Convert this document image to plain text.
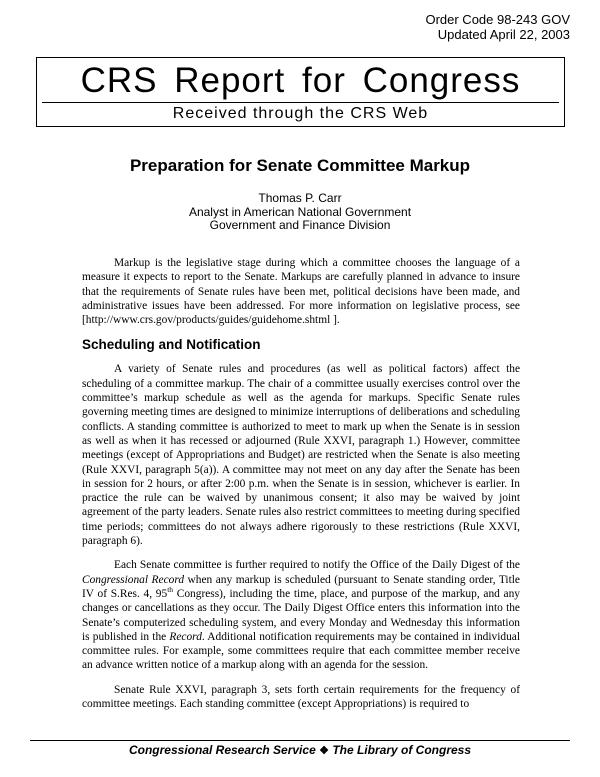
Order Code 98-243 GOV
Updated April 22, 2003
CRS Report for Congress
Received through the CRS Web
Preparation for Senate Committee Markup
Thomas P. Carr
Analyst in American National Government
Government and Finance Division

Markup is the legislative stage during which a committee chooses the language of a measure it expects to report to the Senate. Markups are carefully planned in advance to insure that the requirements of Senate rules have been met, political decisions have been made, and administrative issues have been addressed. For more information on legislative process, see [http://www.crs.gov/products/guides/guidehome.shtml ].

Scheduling and Notification

A variety of Senate rules and procedures (as well as political factors) affect the scheduling of a committee markup. The chair of a committee usually exercises control over the committee’s markup schedule as well as the agenda for markups. Specific Senate rules governing meeting times are designed to minimize interruptions of deliberations and scheduling conflicts. A standing committee is authorized to meet to mark up when the Senate is in session as well as when it has recessed or adjourned (Rule XXVI, paragraph 1.) However, committee meetings (except of Appropriations and Budget) are restricted when the Senate is also meeting (Rule XXVI, paragraph 5(a)). A committee may not meet on any day after the Senate has been in session for 2 hours, or after 2:00 p.m. when the Senate is in session, whichever is earlier. In practice the rule can be waived by unanimous consent; it also may be waived by joint agreement of the party leaders. Senate rules also restrict committees to meeting during specified time periods; committees do not always adhere rigorously to these restrictions (Rule XXVI, paragraph 6).

Each Senate committee is further required to notify the Office of the Daily Digest of the Congressional Record when any markup is scheduled (pursuant to Senate standing order, Title IV of S.Res. 4, 95th Congress), including the time, place, and purpose of the markup, and any changes or cancellations as they occur. The Daily Digest Office enters this information into the Senate’s computerized scheduling system, and every Monday and Wednesday this information is published in the Record. Additional notification requirements may be contained in individual committee rules. For example, some committees require that each committee member receive an advance written notice of a markup along with an agenda for the session.

Senate Rule XXVI, paragraph 3, sets forth certain requirements for the frequency of committee meetings. Each standing committee (except Appropriations) is required to

Congressional Research Service ❖ The Library of Congress
